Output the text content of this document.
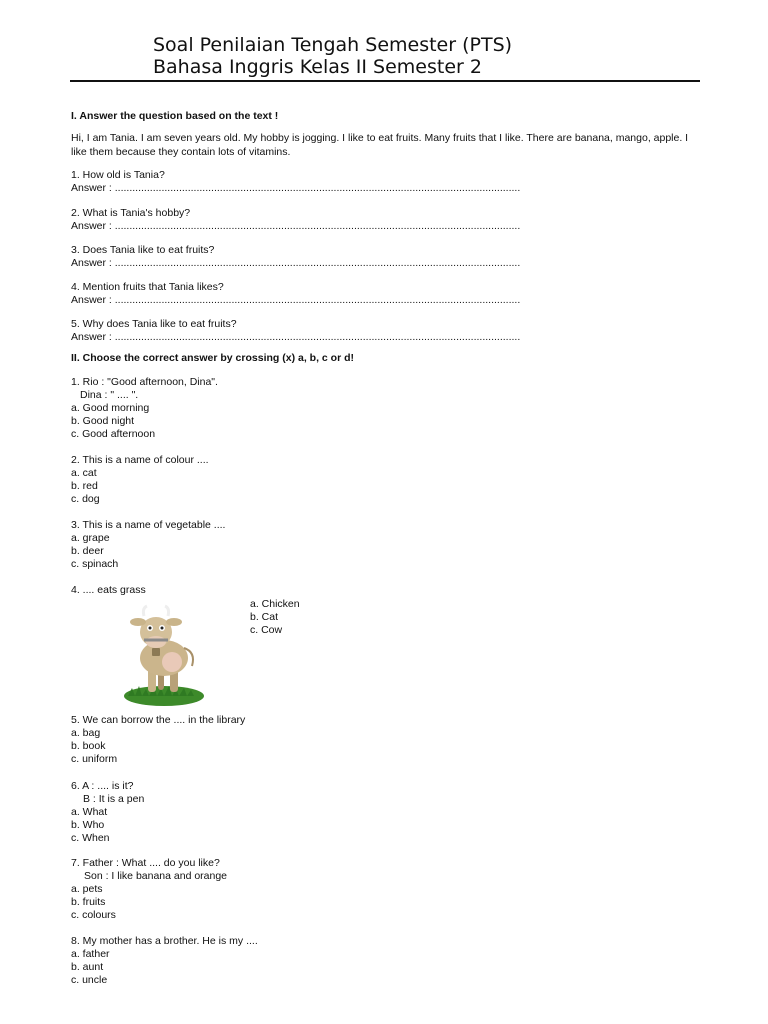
Soal Penilaian Tengah Semester (PTS)
Bahasa Inggris Kelas II Semester 2
I. Answer the question based on the text !
Hi, I am Tania. I am seven years old. My hobby is jogging. I like to eat fruits. Many fruits that I like. There are banana, mango, apple. I like them because they contain lots of vitamins.
1. How old is Tania?
Answer : ...........................................................................................................................................
2. What is Tania's hobby?
Answer : ...........................................................................................................................................
3. Does Tania like to eat fruits?
Answer : ...........................................................................................................................................
4. Mention fruits that Tania likes?
Answer : ...........................................................................................................................................
5. Why does Tania like to eat fruits?
Answer : ...........................................................................................................................................
II. Choose the correct answer by crossing (x) a, b, c or d!
1. Rio : "Good afternoon, Dina".
Dina : " .... ".
a. Good morning
b. Good night
c. Good afternoon
2. This is a name of colour ....
a. cat
b. red
c. dog
3. This is a name of vegetable ....
a. grape
b. deer
c. spinach
4. .... eats grass
a. Chicken
b. Cat
c. Cow
5. We can borrow the .... in the library
a. bag
b. book
c. uniform
6. A : .... is it?
B : It is a pen
a. What
b. Who
c. When
7. Father : What .... do you like?
Son : I like banana and orange
a. pets
b. fruits
c. colours
8. My mother has a brother. He is my ....
a. father
b. aunt
c. uncle
